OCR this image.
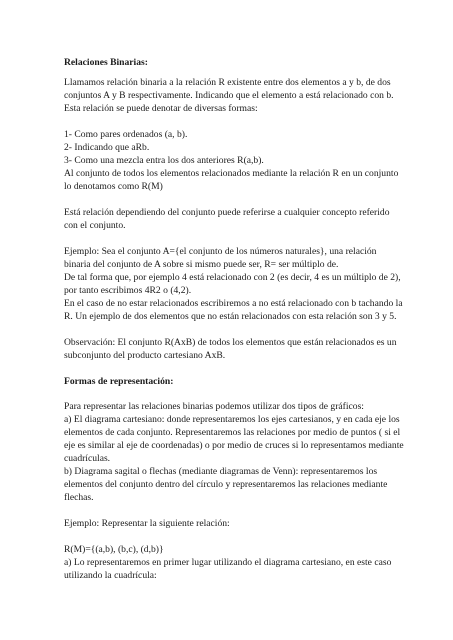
Relaciones Binarias:
Llamamos relación binaria a la relación R existente entre dos elementos a y b, de dos
conjuntos A y B respectivamente. Indicando que el elemento a está relacionado con b.
Esta relación se puede denotar de diversas formas:
1- Como pares ordenados (a, b).
2- Indicando que aRb.
3- Como una mezcla entra los dos anteriores R(a,b).
Al conjunto de todos los elementos relacionados mediante la relación R en un conjunto
lo denotamos como R(M)
Está relación dependiendo del conjunto puede referirse a cualquier concepto referido
con el conjunto.
Ejemplo: Sea el conjunto A={el conjunto de los números naturales}, una relación
binaria del conjunto de A sobre si mismo puede ser, R= ser múltiplo de.
De tal forma que, por ejemplo 4 está relacionado con 2 (es decir, 4 es un múltiplo de 2),
por tanto escribimos 4R2 o (4,2).
En el caso de no estar relacionados escribiremos a no está relacionado con b tachando la
R. Un ejemplo de dos elementos que no están relacionados con esta relación son 3 y 5.
Observación: El conjunto R(AxB) de todos los elementos que están relacionados es un
subconjunto del producto cartesiano AxB.
Formas de representación:
Para representar las relaciones binarias podemos utilizar dos tipos de gráficos:
a) El diagrama cartesiano: donde representaremos los ejes cartesianos, y en cada eje los
elementos de cada conjunto. Representaremos las relaciones por medio de puntos ( si el
eje es similar al eje de coordenadas) o por medio de cruces si lo representamos mediante
cuadrículas.
b) Diagrama sagital o flechas (mediante diagramas de Venn): representaremos los
elementos del conjunto dentro del círculo y representaremos las relaciones mediante
flechas.
Ejemplo: Representar la siguiente relación:
R(M)={(a,b), (b,c), (d,b)}
a) Lo representaremos en primer lugar utilizando el diagrama cartesiano, en este caso
utilizando la cuadrícula:
